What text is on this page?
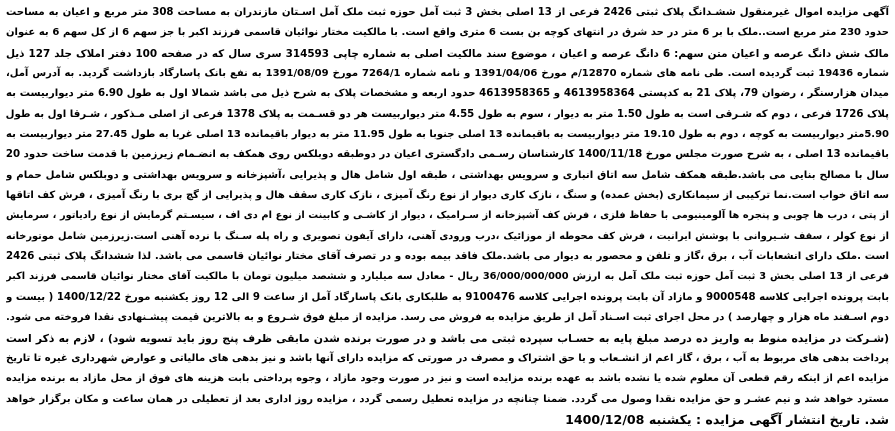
آگهی مزایده اموال غیرمنقول ششـدانگ پلاک ثبتی 2426 فرعی از 13 اصلی بخش 3 ثبت آمل حوزه ثبت ملک آمل اسـتان مازندران به مساحت 308 متر مربع و اعیان به مساحت
حدود 230 متر مربع است..ملک با بر 6 متر در حد شرق در انتهای کوچه بن بست 6 متری واقع است. با مالکیت مختار نوائیان قاسمی فرزند اکبر با جز سهم 6 از کل سهم 6 به عنوان
مالک شش دانگ عرصه و اعیان متن سهم: 6 دانگ عرصه و اعیان ، موضوع سند مالکیت اصلی به شماره چاپی 314593 سری سال که در صفحه 100 دفتر املاک جلد 127 ذیل
شماره 19436 ثبت گردیده است. طی نامه های شماره 12870/م مورخ 1391/04/06 و نامه شماره 7264/1 مورخ 1391/08/09 به نفع بانک پاسارگاد بازداشت گردید. به آدرس آمل،
میدان هزارسنگر ، رضوان 79، پلاک 21 به کدپستی 4613958364 و 4613958365 حدود اربعه و مشخصات پلاک به شرح ذیل می باشد شمالا اول به طول 6.90 متر دیواربیست به
پلاک 1726 فرعی ، دوم که شـرقی است به طول 1.50 متر به دیوار ، سوم به طول 4.55 متر دیواربیست هر دو قسـمت به پلاک 1378 فرعی از اصلی مـذکور ، شـرقا اول به طول
5.90متر دیواربیست به کوچه ، دوم به طول 19.10 متر دیواربیست به باقیمانده 13 اصلی جنوبا به طول 11.95 متر به دیوار باقیمانده 13 اصلی غربا به طول 27.45 متر دیواربیست به
باقیمانده 13 اصلی ، به شرح صورت مجلس مورخ 1400/11/18 کارشناسان رسـمی دادگستری اعیان در دوطبقه دوبلکس روی همکف به انضـمام زیرزمین با قدمت ساخت حدود 20
سال با مصالح بنایی می باشد.طبقه همکف شامل سه اتاق انباری و سرویس بهداشتی ، طبقه اول شامل هال و پذیرایی ،آشپزخانه و سرویس بهداشتی و دوبلکس شامل حمام و
سه اتاق خواب است.نما ترکیبی از سیمانکاری (بخش عمده) و سنگ ، نازک کاری دیوار از نوع رنگ آمیزی ، نازک کاری سقف هال و پذیرایی از گچ بری با رنگ آمیزی ، فرش کف اتاقها
از پتی ، درب ها چوبی و پنجره ها آلومینیومی با حفاظ فلزی ، فرش کف آشپزخانه از سـرامیک ، دیوار از کاشـی و کابینت از نوع ام دی اف ، سیسـتم گرمایش از نوع رادیاتور ، سرمایش
از نوع کولر ، سقف شـیروانی با پوشش ایرانیت ، فرش کف محوطه از موزائیک ،درب ورودی آهنی، دارای آیفون تصویری و راه پله سـنگ با نرده آهنی است.زیرزمین شامل موتورخانه
است .ملک دارای انشعابات آب ، برق ،گاز و تلفن و محصور به دیوار می باشد.ملک فاقد بیمه بوده و در تصرف آقای مختار نوائیان قاسمی می باشد. لذا ششدانگ پلاک ثبتی 2426
فرعی از 13 اصلی بخش 3 ثبت آمل حوزه ثبت ملک آمل به ارزش 36/000/000/000 ریال - معادل سه میلیارد و ششصد میلیون تومان با مالکیت آقای مختار نوائیان قاسمی فرزند اکبر
بابت پرونده اجرایی کلاسه 9000548 و مازاد آن بابت پرونده اجرایی کلاسه 9100476 به طلبکاری بانک پاسارگاد آمل از ساعت 9 الی 12 روز یکشنبه مورخ 1400/12/22 ( بیست و
دوم اسـفند ماه هزار و چهارصد ) در محل اجرای ثبت اسـناد آمل از طریق مزایده به فروش می رسد. مزایده از مبلغ فوق شـروع و به بالاترین قیمت پیشـنهادی نقدا فروخته می شود.
(شـرکت در مزایده منوط به واریز ده درصد مبلغ پایه به حسـاب سپرده ثبتی می باشد و در صورت برنده شدن مابقی ظرف پنج روز باید تسویه شود) ، لازم به ذکر است
پرداخت بدهی های مربوط به آب ، برق ، گاز اعم از انشـعاب و یا حق اشتراک و مصرف در صورتی که مزایده دارای آنها باشد و نیز بدهی های مالیاتی و عوارض شهرداری غیره تا تاریخ
مزایده اعم از اینکه رقم قطعی آن معلوم شده یا نشده باشد به عهده برنده مزایده است و نیز در صورت وجود مازاد ، وجوه پرداختی بابت هزینه های فوق از محل مازاد به برنده مزایده
مسترد خواهد شد و نیم عشـر و حق مزایده نقدا وصول می گردد. ضمنا چنانچه در مزایده تعطیل رسمی گردد ، مزایده روز اداری بعد از تعطیلی در همان ساعت و مکان برگزار خواهد
شد. تاریخ انتشار آگهی مزایده : یکشنبه 1400/12/08
